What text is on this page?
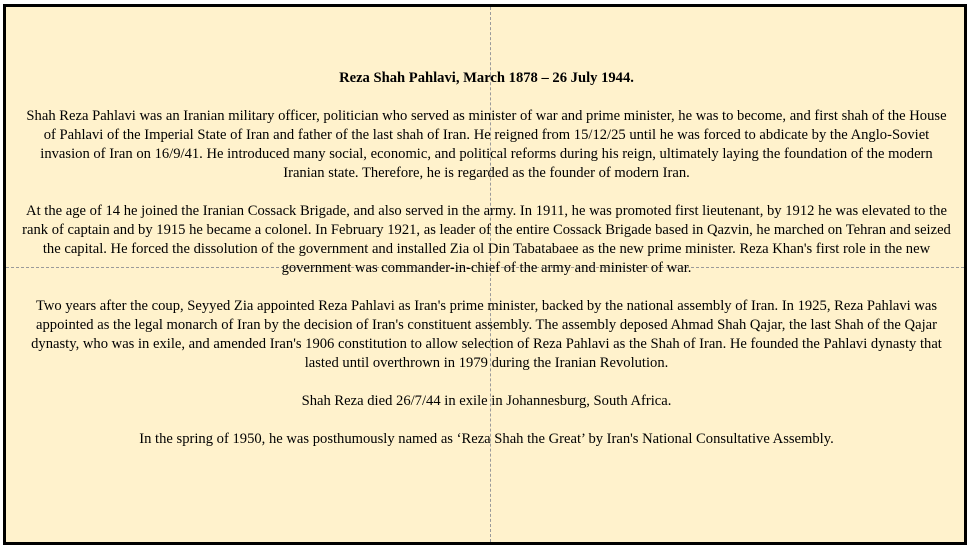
Reza Shah Pahlavi, March 1878 – 26 July 1944.

Shah Reza Pahlavi was an Iranian military officer, politician who served as minister of war and prime minister, he was to become, and first shah of the House of Pahlavi of the Imperial State of Iran and father of the last shah of Iran. He reigned from 15/12/25 until he was forced to abdicate by the Anglo-Soviet invasion of Iran on 16/9/41. He introduced many social, economic, and political reforms during his reign, ultimately laying the foundation of the modern Iranian state. Therefore, he is regarded as the founder of modern Iran.

At the age of 14 he joined the Iranian Cossack Brigade, and also served in the army. In 1911, he was promoted first lieutenant, by 1912 he was elevated to the rank of captain and by 1915 he became a colonel. In February 1921, as leader of the entire Cossack Brigade based in Qazvin, he marched on Tehran and seized the capital. He forced the dissolution of the government and installed Zia ol Din Tabatabaee as the new prime minister. Reza Khan's first role in the new government was commander-in-chief of the army and minister of war.

Two years after the coup, Seyyed Zia appointed Reza Pahlavi as Iran's prime minister, backed by the national assembly of Iran. In 1925, Reza Pahlavi was appointed as the legal monarch of Iran by the decision of Iran's constituent assembly. The assembly deposed Ahmad Shah Qajar, the last Shah of the Qajar dynasty, who was in exile, and amended Iran's 1906 constitution to allow selection of Reza Pahlavi as the Shah of Iran. He founded the Pahlavi dynasty that lasted until overthrown in 1979 during the Iranian Revolution.

Shah Reza died 26/7/44 in exile in Johannesburg, South Africa.

In the spring of 1950, he was posthumously named as ‘Reza Shah the Great’ by Iran's National Consultative Assembly.
